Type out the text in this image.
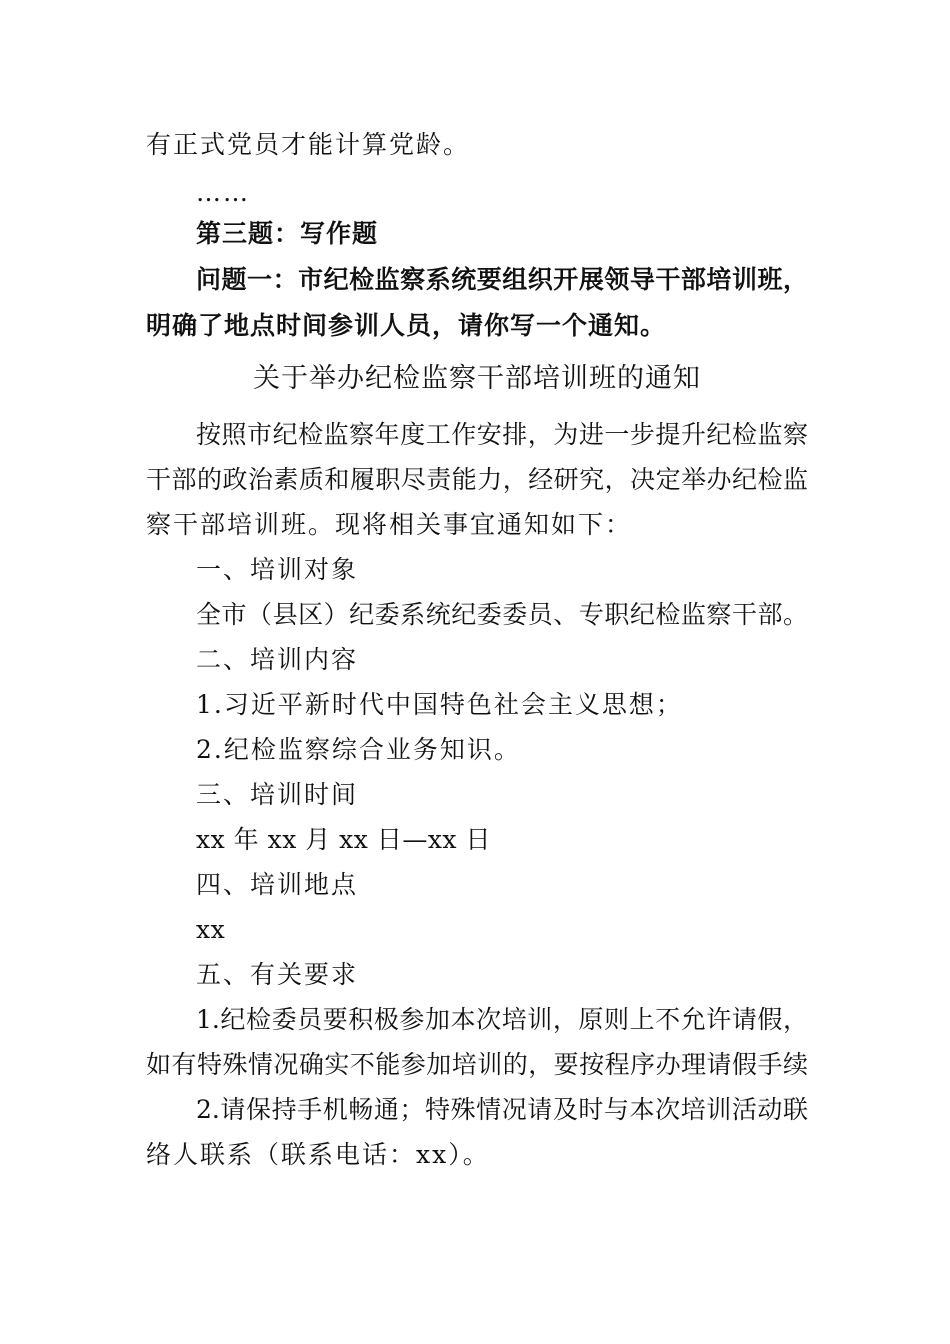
有正式党员才能计算党龄。
……
第三题：写作题
问题一：市纪检监察系统要组织开展领导干部培训班，
明确了地点时间参训人员，请你写一个通知。
关于举办纪检监察干部培训班的通知
按照市纪检监察年度工作安排，为进一步提升纪检监察
干部的政治素质和履职尽责能力，经研究，决定举办纪检监
察干部培训班。现将相关事宜通知如下：
一、培训对象
全市（县区）纪委系统纪委委员、专职纪检监察干部。
二、培训内容
1.习近平新时代中国特色社会主义思想；
2.纪检监察综合业务知识。
三、培训时间
xx 年 xx 月 xx 日—xx 日
四、培训地点
xx
五、有关要求
1.纪检委员要积极参加本次培训，原则上不允许请假，
如有特殊情况确实不能参加培训的，要按程序办理请假手续
2.请保持手机畅通；特殊情况请及时与本次培训活动联
络人联系（联系电话：xx）。
